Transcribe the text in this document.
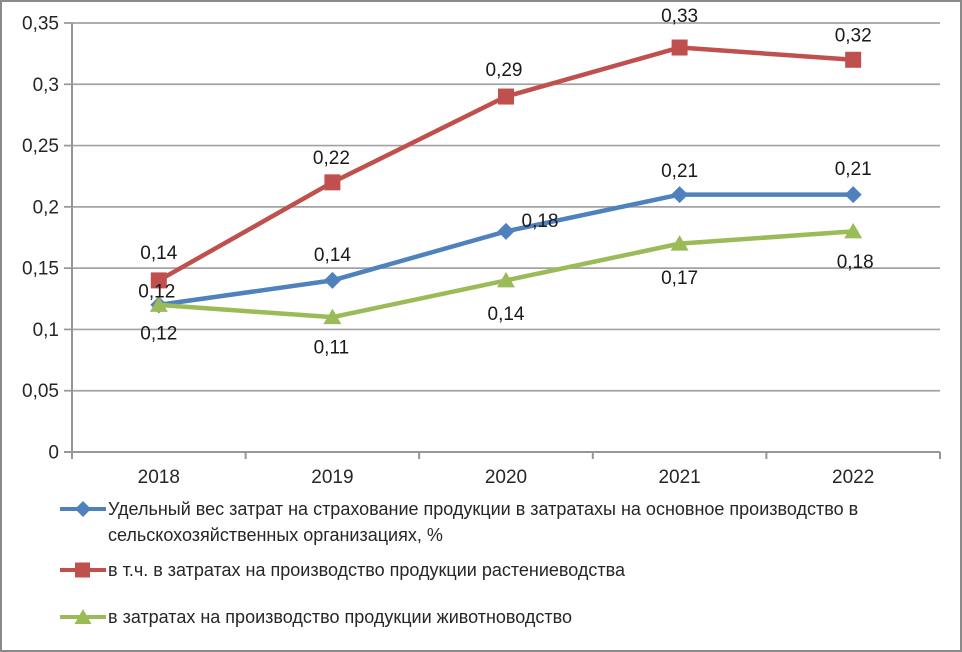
0
0,05
0,1
0,15
0,2
0,25
0,3
0,35
2018	2019	2020	2021	2022
0,12
0,14
0,18
0,21	0,21
0,14
0,22
0,29
0,33
0,32
0,12
0,11
0,14
0,17
0,18
Удельный вес затрат на страхование продукции в затратахы на основное производство в
сельскохозяйственных организациях, %
в т.ч. в затратах на производство продукции растениеводства
в затратах на производство продукции животноводство
